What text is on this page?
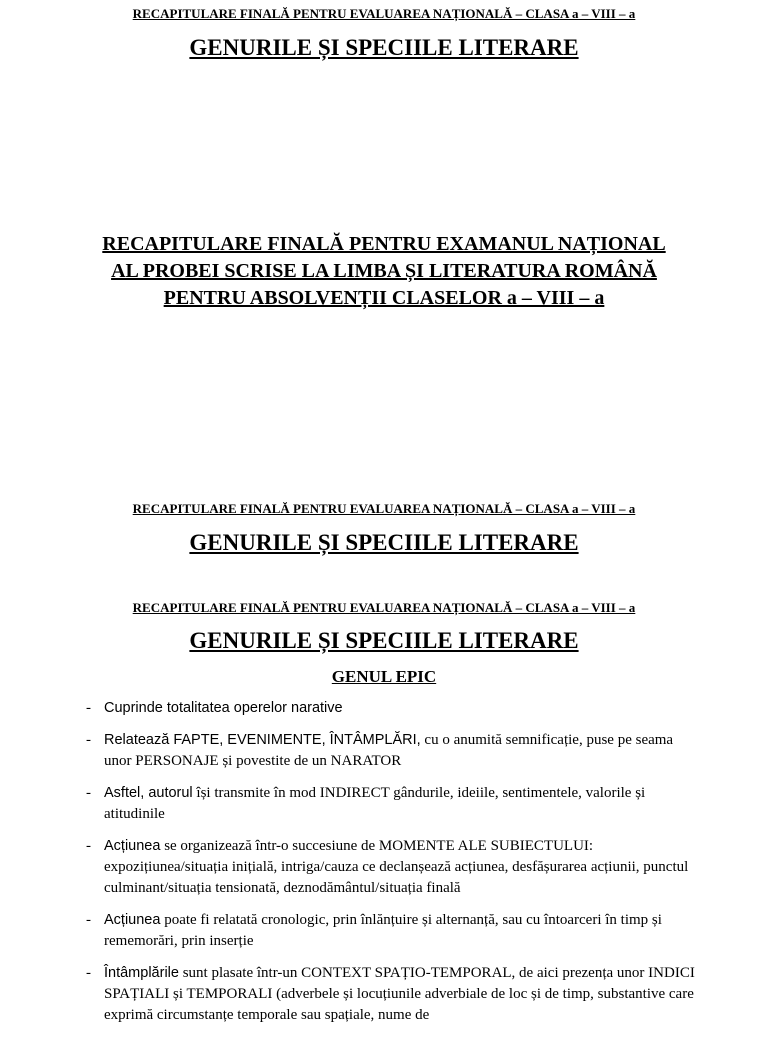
RECAPITULARE FINALĂ PENTRU EVALUAREA NAȚIONALĂ – CLASA a – VIII – a
GENURILE ȘI SPECIILE LITERARE
RECAPITULARE FINALĂ PENTRU EXAMANUL NAȚIONAL
AL PROBEI SCRISE LA LIMBA ȘI LITERATURA ROMÂNĂ
PENTRU ABSOLVENȚII CLASELOR a – VIII – a
RECAPITULARE FINALĂ PENTRU EVALUAREA NAȚIONALĂ – CLASA a – VIII – a
GENURILE ȘI SPECIILE LITERARE
RECAPITULARE FINALĂ PENTRU EVALUAREA NAȚIONALĂ – CLASA a – VIII – a
GENURILE ȘI SPECIILE LITERARE
GENUL EPIC
- Cuprinde totalitatea operelor narative
- Relatează FAPTE, EVENIMENTE, ÎNTÂMPLĂRI, cu o anumită semnificație, puse pe seama unor PERSONAJE și povestite de un NARATOR
- Asftel, autorul își transmite în mod INDIRECT gândurile, ideiile, sentimentele, valorile și atitudinile
- Acțiunea se organizează într-o succesiune de MOMENTE ALE SUBIECTULUI: expozițiunea/situația inițială, intriga/cauza ce declanșează acțiunea, desfășurarea acțiunii, punctul culminant/situația tensionată, deznodământul/situația finală
- Acțiunea poate fi relatată cronologic, prin înlănțuire și alternanță, sau cu întoarceri în timp și rememorări, prin inserție
- Întâmplările sunt plasate într-un CONTEXT SPAȚIO-TEMPORAL, de aici prezența unor INDICI SPAȚIALI și TEMPORALI (adverbele și locuțiunile adverbiale de loc și de timp, substantive care exprimă circumstanțe temporale sau spațiale, nume de
